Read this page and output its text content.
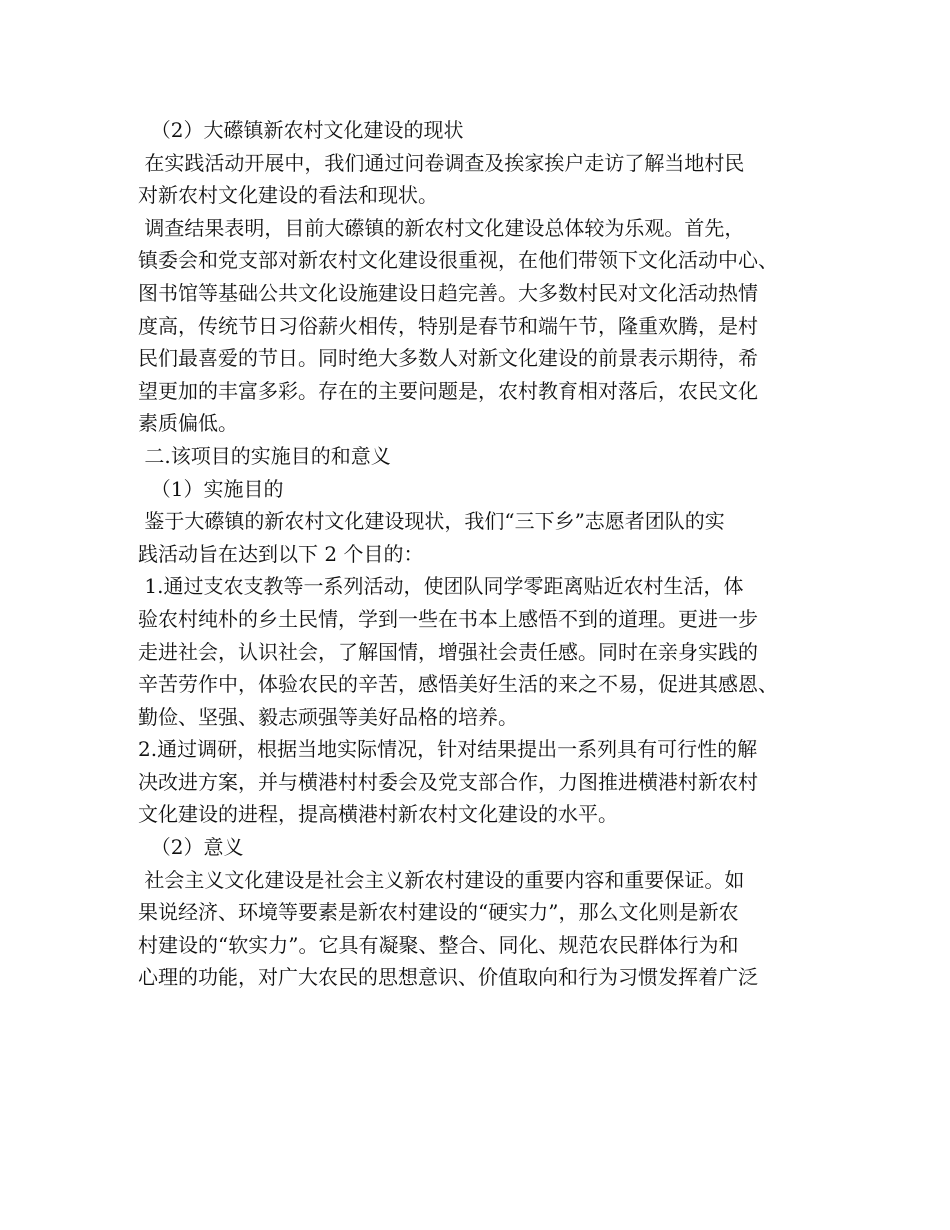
（2）大礤镇新农村文化建设的现状
在实践活动开展中，我们通过问卷调查及挨家挨户走访了解当地村民
对新农村文化建设的看法和现状。
调查结果表明，目前大礤镇的新农村文化建设总体较为乐观。首先，
镇委会和党支部对新农村文化建设很重视，在他们带领下文化活动中心、
图书馆等基础公共文化设施建设日趋完善。大多数村民对文化活动热情
度高，传统节日习俗薪火相传，特别是春节和端午节，隆重欢腾，是村
民们最喜爱的节日。同时绝大多数人对新文化建设的前景表示期待，希
望更加的丰富多彩。存在的主要问题是，农村教育相对落后，农民文化
素质偏低。
二.该项目的实施目的和意义
（1）实施目的
鉴于大礤镇的新农村文化建设现状，我们“三下乡”志愿者团队的实
践活动旨在达到以下 2 个目的：
1.通过支农支教等一系列活动，使团队同学零距离贴近农村生活，体
验农村纯朴的乡土民情，学到一些在书本上感悟不到的道理。更进一步
走进社会，认识社会，了解国情，增强社会责任感。同时在亲身实践的
辛苦劳作中，体验农民的辛苦，感悟美好生活的来之不易，促进其感恩、
勤俭、坚强、毅志顽强等美好品格的培养。
2.通过调研，根据当地实际情况，针对结果提出一系列具有可行性的解
决改进方案，并与横港村村委会及党支部合作，力图推进横港村新农村
文化建设的进程，提高横港村新农村文化建设的水平。
（2）意义
社会主义文化建设是社会主义新农村建设的重要内容和重要保证。如
果说经济、环境等要素是新农村建设的“硬实力”，那么文化则是新农
村建设的“软实力”。它具有凝聚、整合、同化、规范农民群体行为和
心理的功能，对广大农民的思想意识、价值取向和行为习惯发挥着广泛
